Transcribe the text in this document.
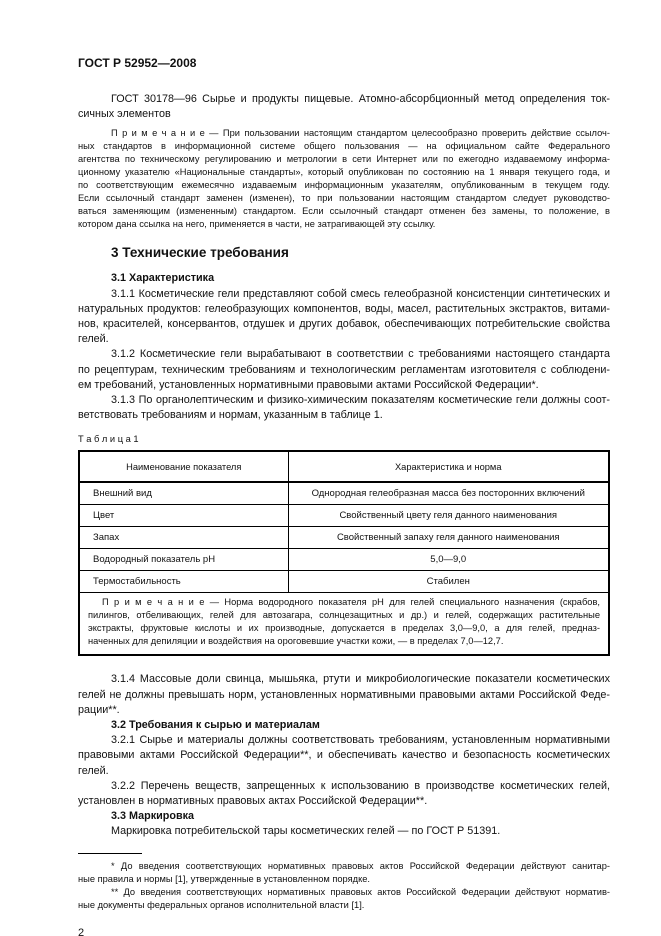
ГОСТ Р 52952—2008
ГОСТ 30178—96 Сырье и продукты пищевые. Атомно-абсорбционный метод определения ток-
сичных элементов
П р и м е ч а н и е — При пользовании настоящим стандартом целесообразно проверить действие ссылоч-
ных стандартов в информационной системе общего пользования — на официальном сайте Федерального
агентства по техническому регулированию и метрологии в сети Интернет или по ежегодно издаваемому информа-
ционному указателю «Национальные стандарты», который опубликован по состоянию на 1 января текущего года, и
по соответствующим ежемесячно издаваемым информационным указателям, опубликованным в текущем году.
Если ссылочный стандарт заменен (изменен), то при пользовании настоящим стандартом следует руководство-
ваться заменяющим (измененным) стандартом. Если ссылочный стандарт отменен без замены, то положение, в
котором дана ссылка на него, применяется в части, не затрагивающей эту ссылку.
3 Технические требования
3.1 Характеристика
3.1.1 Косметические гели представляют собой смесь гелеобразной консистенции синтетических и
натуральных продуктов: гелеобразующих компонентов, воды, масел, растительных экстрактов, витами-
нов, красителей, консервантов, отдушек и других добавок, обеспечивающих потребительские свойства
гелей.
3.1.2 Косметические гели вырабатывают в соответствии с требованиями настоящего стандарта
по рецептурам, техническим требованиям и технологическим регламентам изготовителя с соблюдени-
ем требований, установленных нормативными правовыми актами Российской Федерации*.
3.1.3 По органолептическим и физико-химическим показателям косметические гели должны соот-
ветствовать требованиям и нормам, указанным в таблице 1.
Т а б л и ц а 1
Наименование показателя	Характеристика и норма
Внешний вид	Однородная гелеобразная масса без посторонних включений
Цвет	Свойственный цвету геля данного наименования
Запах	Свойственный запаху геля данного наименования
Водородный показатель pH	5,0—9,0
Термостабильность	Стабилен

П р и м е ч а н и е — Норма водородного показателя pH для гелей специального назначения (скрабов,
пилингов, отбеливающих, гелей для автозагара, солнцезащитных и др.) и гелей, содержащих растительные
экстракты, фруктовые кислоты и их производные, допускается в пределах 3,0—9,0, а для гелей, предназ-
наченных для депиляции и воздействия на ороговевшие участки кожи, — в пределах 7,0—12,7.	
3.1.4 Массовые доли свинца, мышьяка, ртути и микробиологические показатели косметических
гелей не должны превышать норм, установленных нормативными правовыми актами Российской Феде-
рации**.
3.2 Требования к сырью и материалам
3.2.1 Сырье и материалы должны соответствовать требованиям, установленным нормативными
правовыми актами Российской Федерации**, и обеспечивать качество и безопасность косметических
гелей.
3.2.2 Перечень веществ, запрещенных к использованию в производстве косметических гелей,
установлен в нормативных правовых актах Российской Федерации**.
3.3 Маркировка
Маркировка потребительской тары косметических гелей — по ГОСТ Р 51391.
* До введения соответствующих нормативных правовых актов Российской Федерации действуют санитар-
ные правила и нормы [1], утвержденные в установленном порядке.
** До введения соответствующих нормативных правовых актов Российской Федерации действуют норматив-
ные документы федеральных органов исполнительной власти [1].
2
